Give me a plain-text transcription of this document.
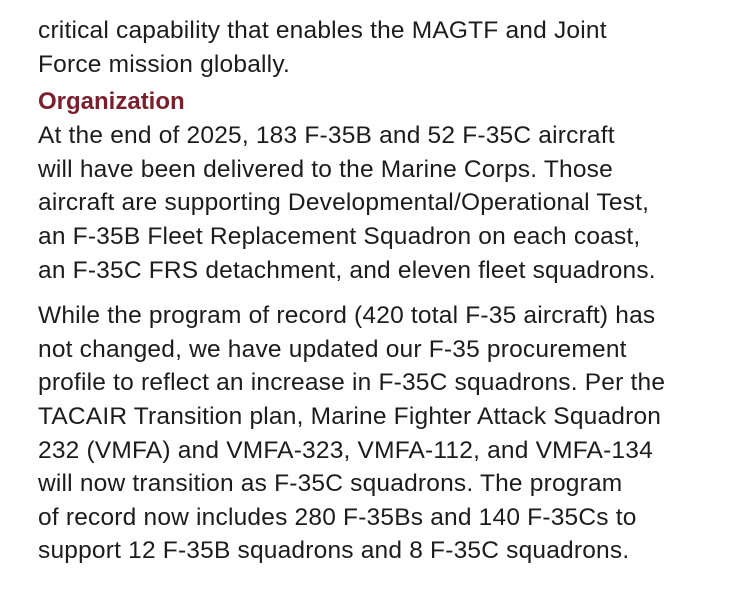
critical capability that enables the MAGTF and Joint
Force mission globally.

Organization

At the end of 2025, 183 F-35B and 52 F-35C aircraft
will have been delivered to the Marine Corps. Those
aircraft are supporting Developmental/Operational Test,
an F-35B Fleet Replacement Squadron on each coast,
an F-35C FRS detachment, and eleven fleet squadrons.

While the program of record (420 total F-35 aircraft) has
not changed, we have updated our F-35 procurement
profile to reflect an increase in F-35C squadrons. Per the
TACAIR Transition plan, Marine Fighter Attack Squadron
232 (VMFA) and VMFA-323, VMFA-112, and VMFA-134
will now transition as F-35C squadrons. The program
of record now includes 280 F-35Bs and 140 F-35Cs to
support 12 F-35B squadrons and 8 F-35C squadrons.
